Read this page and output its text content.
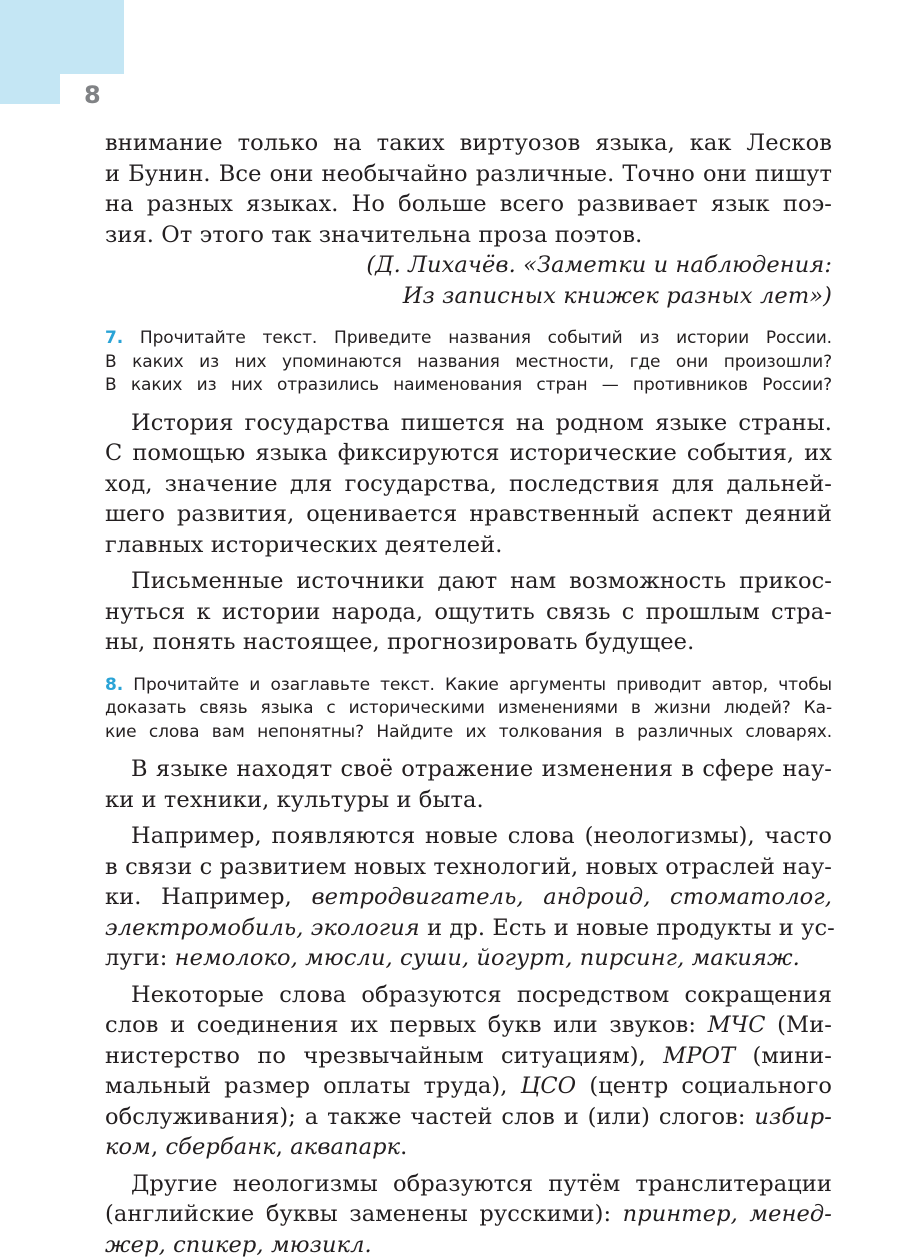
8
внимание только на таких виртуозов языка, как Лесков
и Бунин. Все они необычайно различные. Точно они пишут
на разных языках. Но больше всего развивает язык поэ-
зия. От этого так значительна проза поэтов.
(Д. Лихачёв. «Заметки и наблюдения:
Из записных книжек разных лет»)
7. Прочитайте текст. Приведите названия событий из истории России.
В каких из них упоминаются названия местности, где они произошли?
В каких из них отразились наименования стран — противников России?
История государства пишется на родном языке страны.
С помощью языка фиксируются исторические события, их
ход, значение для государства, последствия для дальней-
шего развития, оценивается нравственный аспект деяний
главных исторических деятелей.
Письменные источники дают нам возможность прикос-
нуться к истории народа, ощутить связь с прошлым стра-
ны, понять настоящее, прогнозировать будущее.
8. Прочитайте и озаглавьте текст. Какие аргументы приводит автор, чтобы
доказать связь языка с историческими изменениями в жизни людей? Ка-
кие слова вам непонятны? Найдите их толкования в различных словарях.
В языке находят своё отражение изменения в сфере нау-
ки и техники, культуры и быта.
Например, появляются новые слова (неологизмы), часто
в связи с развитием новых технологий, новых отраслей нау-
ки. Например, ветродвигатель, андроид, стоматолог,
электромобиль, экология и др. Есть и новые продукты и ус-
луги: немолоко, мюсли, суши, йогурт, пирсинг, макияж.
Некоторые слова образуются посредством сокращения
слов и соединения их первых букв или звуков: МЧС (Ми-
нистерство по чрезвычайным ситуациям), МРОТ (мини-
мальный размер оплаты труда), ЦСО (центр социального
обслуживания); а также частей слов и (или) слогов: избир-
ком, сбербанк, аквапарк.
Другие неологизмы образуются путём транслитерации
(английские буквы заменены русскими): принтер, менед-
жер, спикер, мюзикл.
